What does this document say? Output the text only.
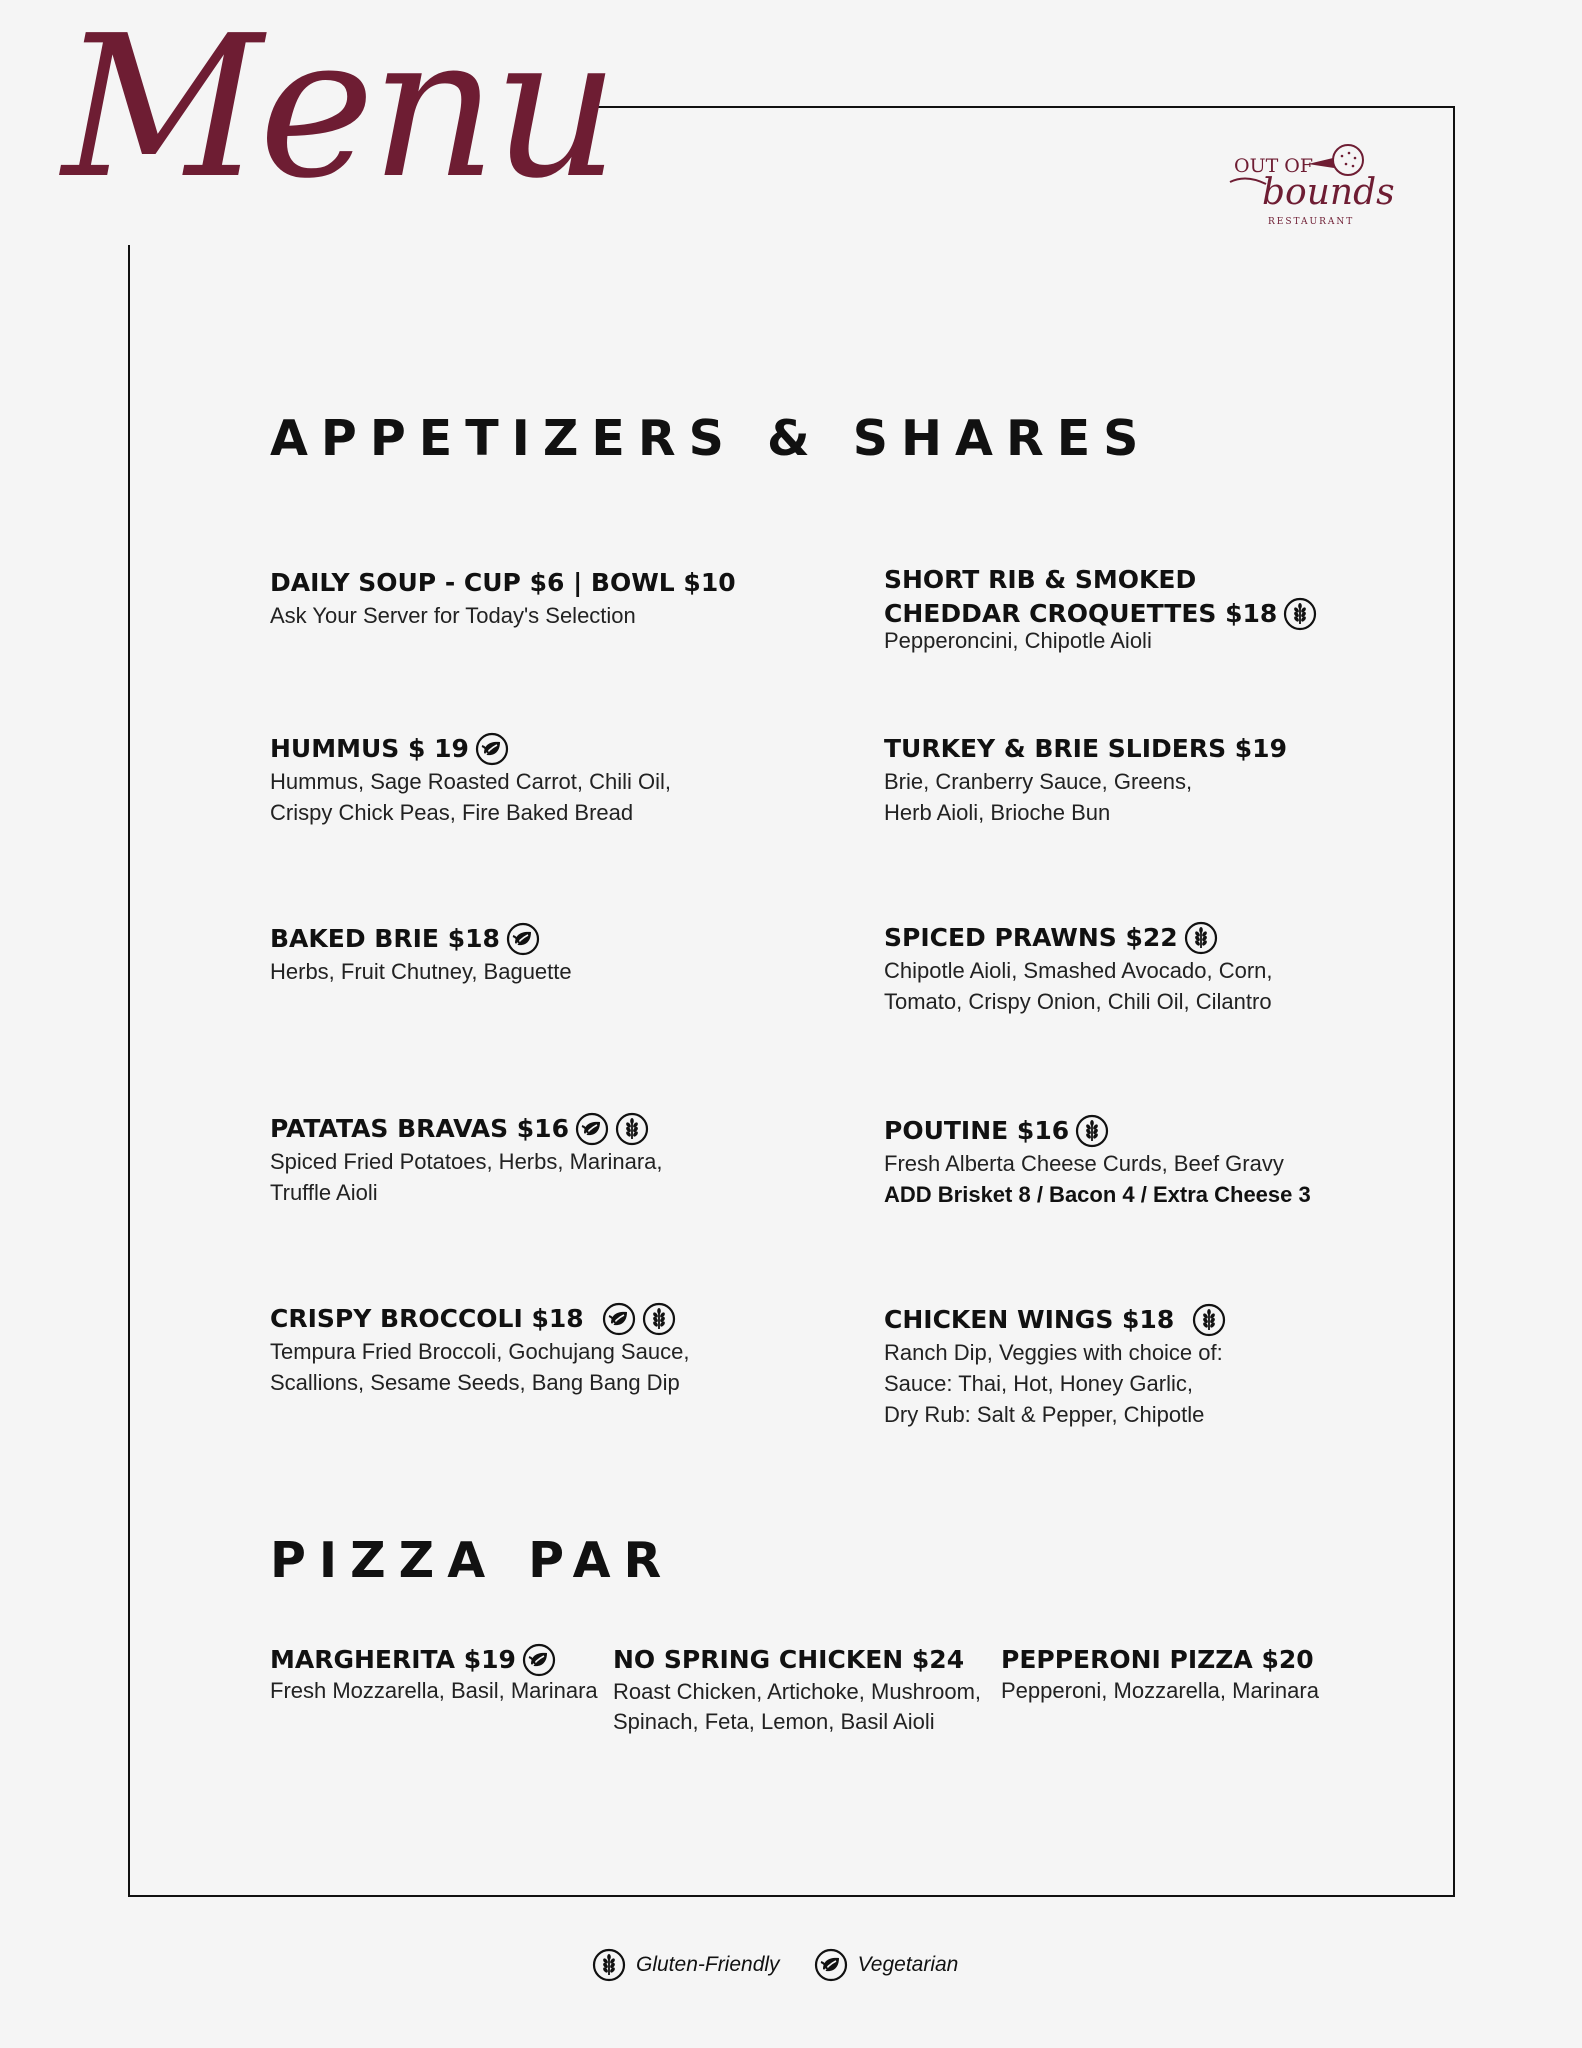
Menu	OUT OF
bounds
RESTAURANT
APPETIZERS & SHARES
DAILY SOUP - CUP $6 | BOWL $10
Ask Your Server for Today's Selection
HUMMUS $ 19
Hummus, Sage Roasted Carrot, Chili Oil,
Crispy Chick Peas, Fire Baked Bread
BAKED BRIE $18
Herbs, Fruit Chutney, Baguette
PATATAS BRAVAS $16
Spiced Fried Potatoes, Herbs, Marinara,
Truffle Aioli
CRISPY BROCCOLI $18
Tempura Fried Broccoli, Gochujang Sauce,
Scallions, Sesame Seeds, Bang Bang Dip
SHORT RIB & SMOKED
CHEDDAR CROQUETTES $18
Pepperoncini, Chipotle Aioli
TURKEY & BRIE SLIDERS $19
Brie, Cranberry Sauce, Greens,
Herb Aioli, Brioche Bun
SPICED PRAWNS $22
Chipotle Aioli, Smashed Avocado, Corn,
Tomato, Crispy Onion, Chili Oil, Cilantro
POUTINE $16
Fresh Alberta Cheese Curds, Beef Gravy
ADD Brisket 8 / Bacon 4 / Extra Cheese 3
CHICKEN WINGS $18
Ranch Dip, Veggies with choice of:
Sauce: Thai, Hot, Honey Garlic,
Dry Rub: Salt & Pepper, Chipotle
PIZZA PAR
MARGHERITA $19
Fresh Mozzarella, Basil, Marinara
NO SPRING CHICKEN $24
Roast Chicken, Artichoke, Mushroom,
Spinach, Feta, Lemon, Basil Aioli
PEPPERONI PIZZA $20
Pepperoni, Mozzarella, Marinara
Gluten-Friendly	Vegetarian
